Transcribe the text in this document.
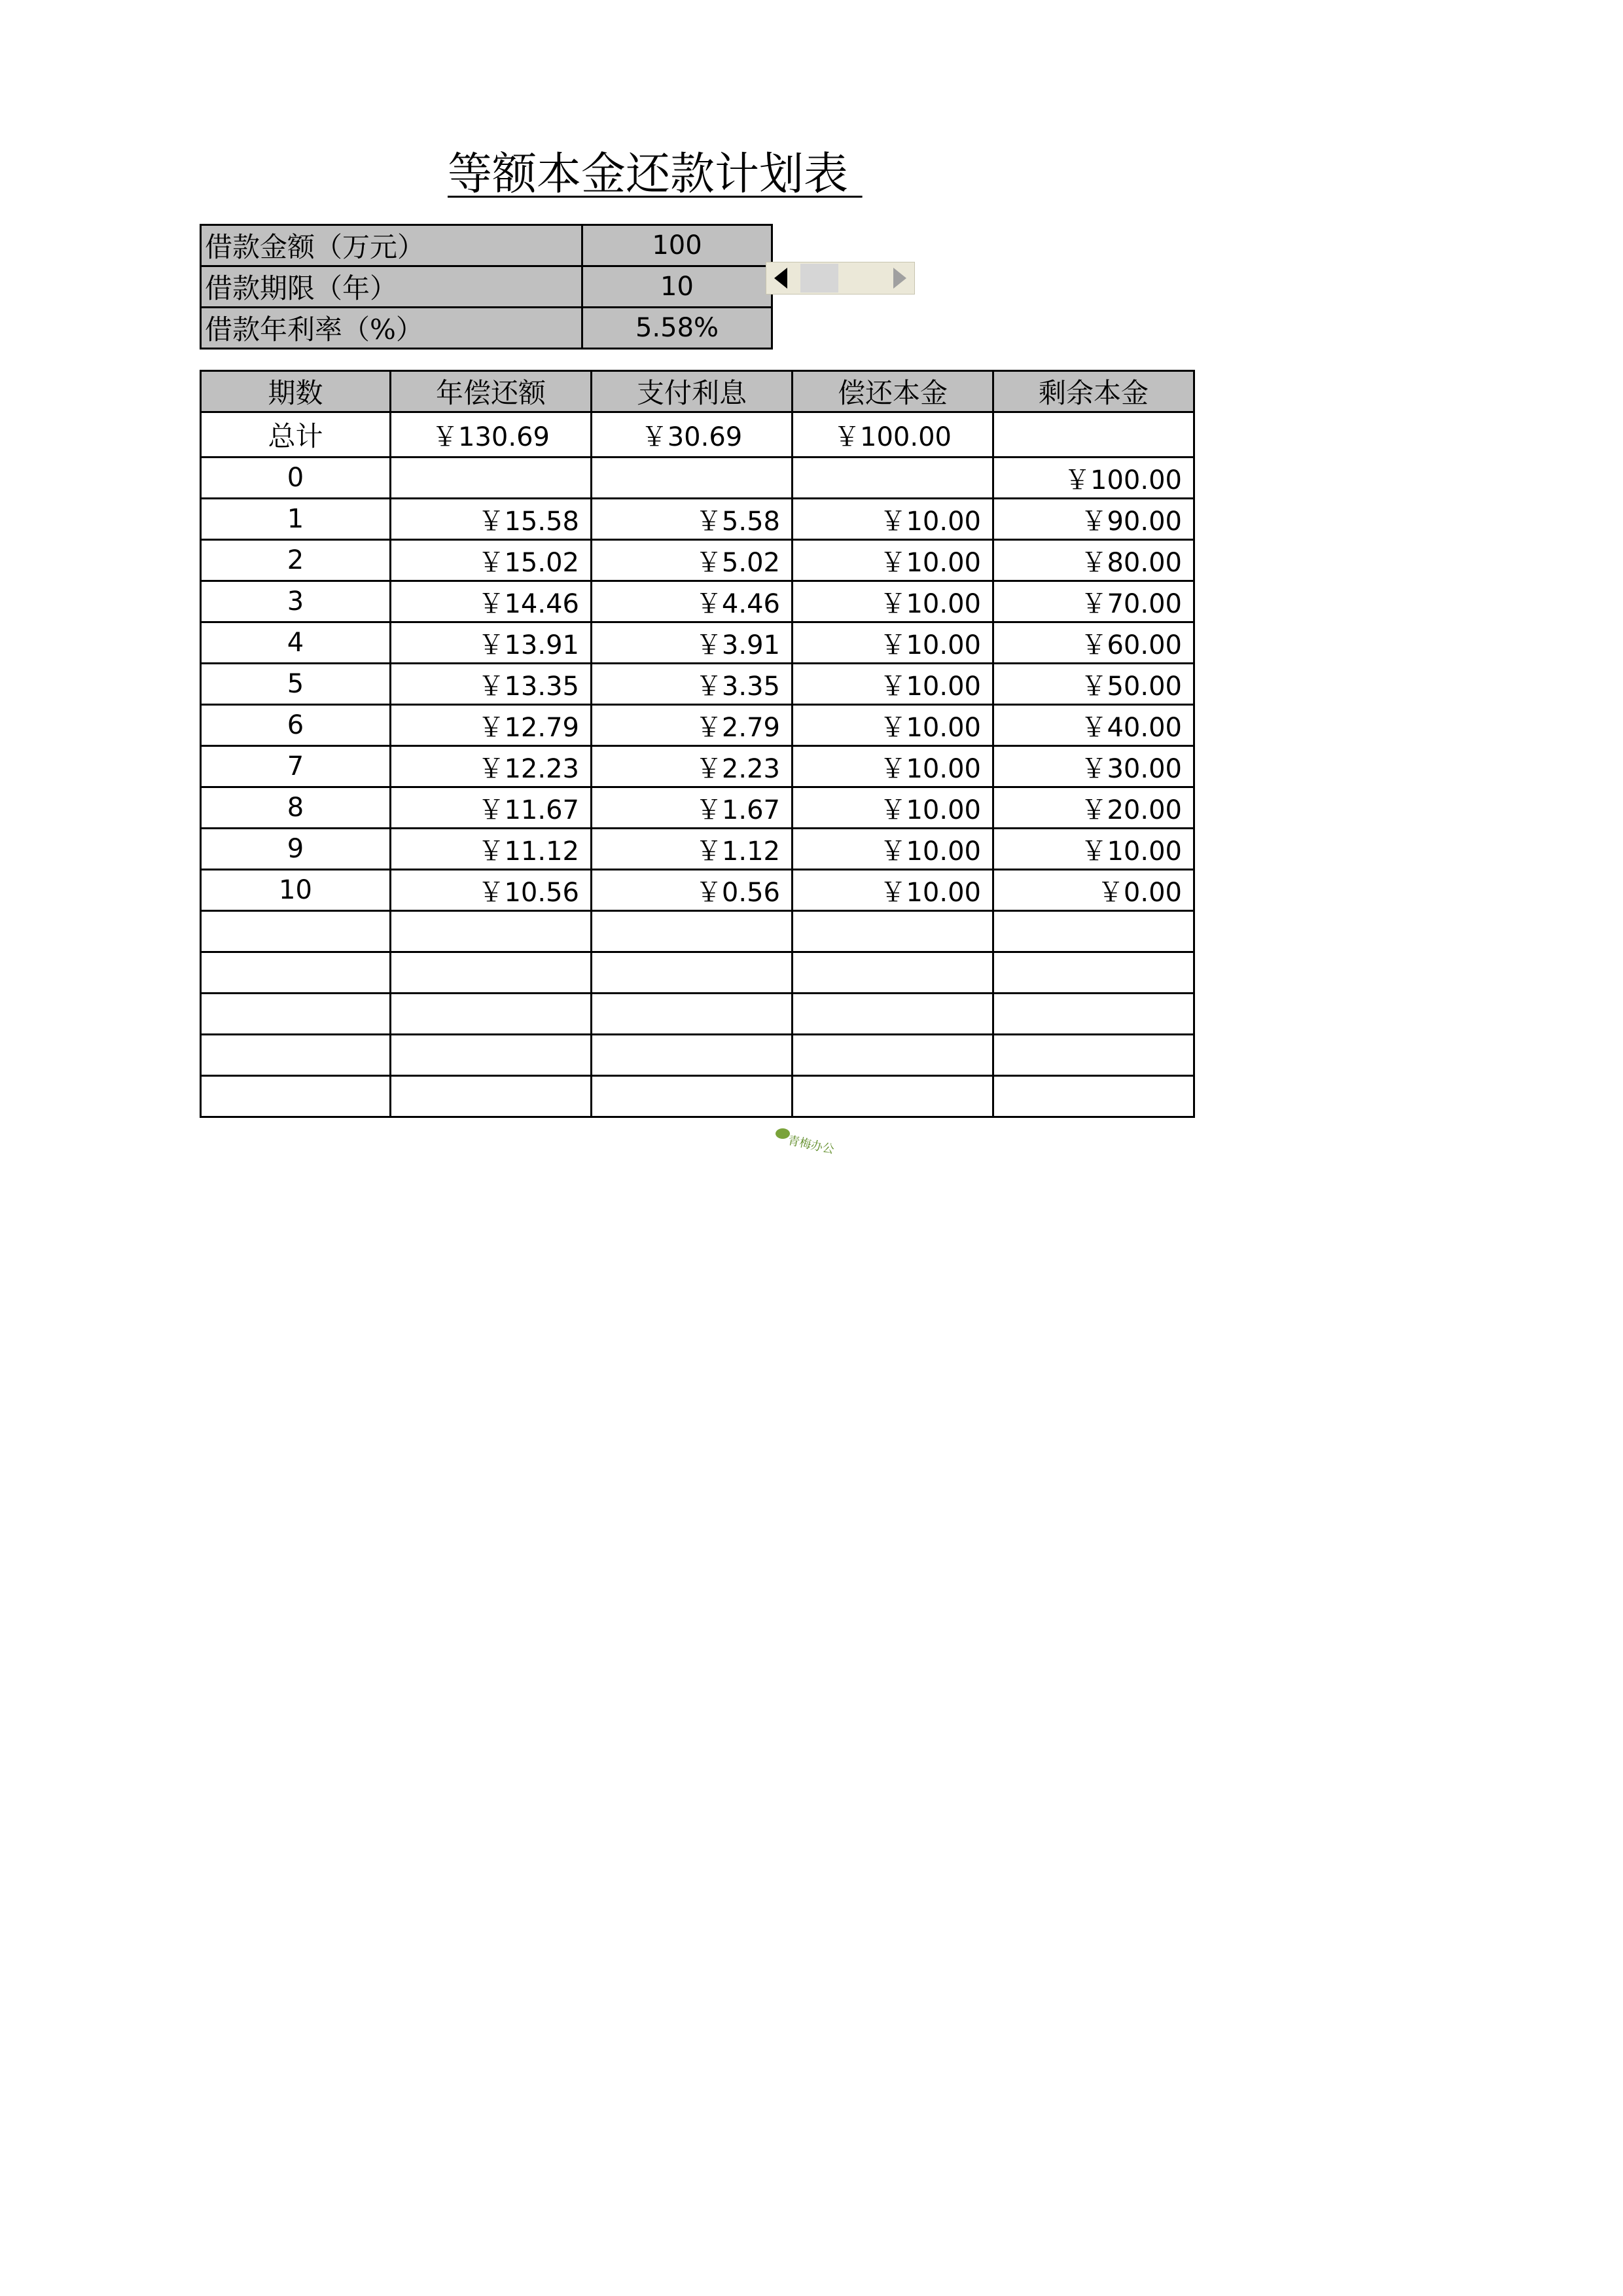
等额本金还款计划表
借款金额（万元）	100
借款期限（年）	10
借款年利率（%）	5.58%
期数	年偿还额	支付利息	偿还本金	剩余本金
总计	￥130.69	￥30.69	￥100.00	
0				￥100.00
1	￥15.58	￥5.58	￥10.00	￥90.00
2	￥15.02	￥5.02	￥10.00	￥80.00
3	￥14.46	￥4.46	￥10.00	￥70.00
4	￥13.91	￥3.91	￥10.00	￥60.00
5	￥13.35	￥3.35	￥10.00	￥50.00
6	￥12.79	￥2.79	￥10.00	￥40.00
7	￥12.23	￥2.23	￥10.00	￥30.00
8	￥11.67	￥1.67	￥10.00	￥20.00
9	￥11.12	￥1.12	￥10.00	￥10.00
10	￥10.56	￥0.56	￥10.00	￥0.00

青梅办公
